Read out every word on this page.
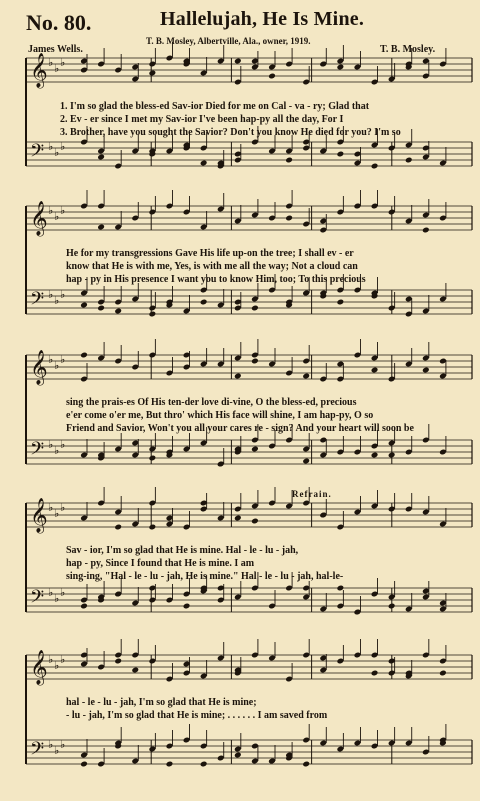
No. 80.	Hallelujah, He Is Mine.
T. B. Mosley, Albertville, Ala., owner, 1919.
James Wells.	T. B. Mosley.
𝄞 ♭ ♭ ♭
𝄢 ♭ ♭ ♭
𝄞 ♭ ♭ ♭
𝄢 ♭ ♭ ♭
𝄞 ♭ ♭ ♭
𝄢 ♭ ♭ ♭
𝄞 ♭ ♭ ♭
𝄢 ♭ ♭ ♭
𝄞 ♭ ♭ ♭
𝄢 ♭ ♭ ♭
1. I'm so glad the bless-ed Sav-ior Died for me on Cal - va - ry; Glad that
2. Ev - er since I met my Sav-ior I've been hap-py all the day, For I
3. Brother, have you sought the Savior? Don't you know He died for you? I'm so
He for my transgressions Gave His life up-on the tree; I shall ev - er
know that He is with me, Yes, is with me all the way; Not a cloud can
hap - py in His presence I want you to know Him, too; To this precious
sing the prais-es Of His ten-der love di-vine, O the bless-ed, precious
e'er come o'er me, But thro' which His face will shine, I am hap-py, O so
Friend and Savior, Won't you all your cares re - sign? And your heart will soon be
Refrain.
Sav - ior, I'm so glad that He is mine. Hal - le - lu - jah,
hap - py, Since I found that He is mine. I am
sing-ing, "Hal - le - lu - jah, He is mine." Hal - le - lu - jah, hal-le-
hal - le - lu - jah, I'm so glad that He is mine;
- lu - jah, I'm so glad that He is mine; . . . . . . I am saved from
